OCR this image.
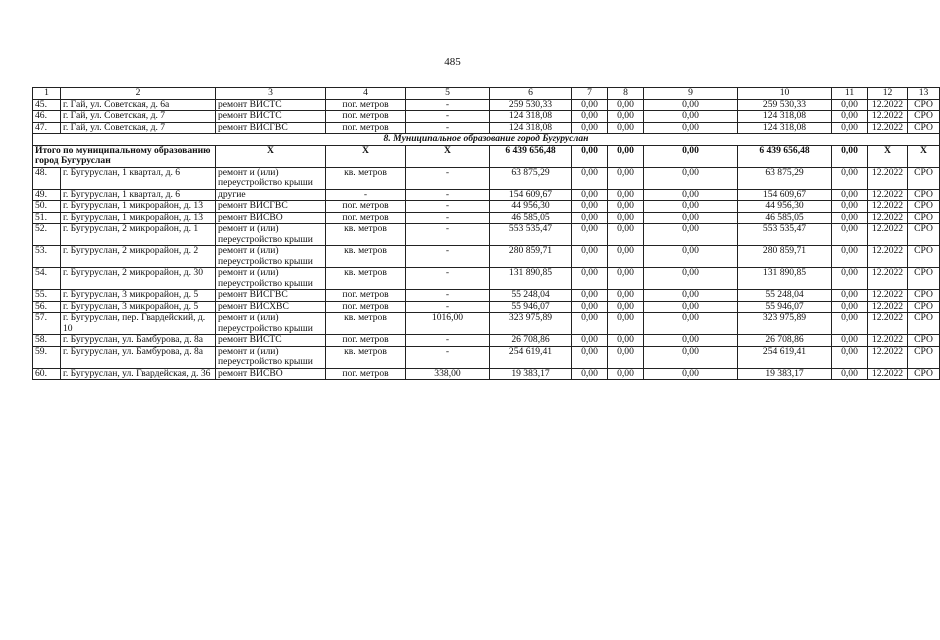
485
1	2	3	4	5	6	7	8	9	10	11	12	13
45.	г. Гай, ул. Советская, д. 6а	ремонт ВИСТС	пог. метров	-	259 530,33	0,00	0,00	0,00	259 530,33	0,00	12.2022	СРО
46.	г. Гай, ул. Советская, д. 7	ремонт ВИСТС	пог. метров	-	124 318,08	0,00	0,00	0,00	124 318,08	0,00	12.2022	СРО
47.	г. Гай, ул. Советская, д. 7	ремонт ВИСГВС	пог. метров	-	124 318,08	0,00	0,00	0,00	124 318,08	0,00	12.2022	СРО
8. Муниципальное образование город Бугуруслан												
Итого по муниципальному образованию город Бугуруслан		Х	Х	Х	6 439 656,48	0,00	0,00	0,00	6 439 656,48	0,00	Х	Х
48.	г. Бугуруслан, 1 квартал, д. 6	ремонт и (или) переустройство крыши	кв. метров	-	63 875,29	0,00	0,00	0,00	63 875,29	0,00	12.2022	СРО
49.	г. Бугуруслан, 1 квартал, д. 6	другие	-	-	154 609,67	0,00	0,00	0,00	154 609,67	0,00	12.2022	СРО
50.	г. Бугуруслан, 1 микрорайон, д. 13	ремонт ВИСГВС	пог. метров	-	44 956,30	0,00	0,00	0,00	44 956,30	0,00	12.2022	СРО
51.	г. Бугуруслан, 1 микрорайон, д. 13	ремонт ВИСВО	пог. метров	-	46 585,05	0,00	0,00	0,00	46 585,05	0,00	12.2022	СРО
52.	г. Бугуруслан, 2 микрорайон, д. 1	ремонт и (или) переустройство крыши	кв. метров	-	553 535,47	0,00	0,00	0,00	553 535,47	0,00	12.2022	СРО
53.	г. Бугуруслан, 2 микрорайон, д. 2	ремонт и (или) переустройство крыши	кв. метров	-	280 859,71	0,00	0,00	0,00	280 859,71	0,00	12.2022	СРО
54.	г. Бугуруслан, 2 микрорайон, д. 30	ремонт и (или) переустройство крыши	кв. метров	-	131 890,85	0,00	0,00	0,00	131 890,85	0,00	12.2022	СРО
55.	г. Бугуруслан, 3 микрорайон, д. 5	ремонт ВИСГВС	пог. метров	-	55 248,04	0,00	0,00	0,00	55 248,04	0,00	12.2022	СРО
56.	г. Бугуруслан, 3 микрорайон, д. 5	ремонт ВИСХВС	пог. метров	-	55 946,07	0,00	0,00	0,00	55 946,07	0,00	12.2022	СРО
57.	г. Бугуруслан, пер. Гвардейский, д. 10	ремонт и (или) переустройство крыши	кв. метров	1016,00	323 975,89	0,00	0,00	0,00	323 975,89	0,00	12.2022	СРО
58.	г. Бугуруслан, ул. Бамбурова, д. 8а	ремонт ВИСТС	пог. метров	-	26 708,86	0,00	0,00	0,00	26 708,86	0,00	12.2022	СРО
59.	г. Бугуруслан, ул. Бамбурова, д. 8а	ремонт и (или) переустройство крыши	кв. метров	-	254 619,41	0,00	0,00	0,00	254 619,41	0,00	12.2022	СРО
60.	г. Бугуруслан, ул. Гвардейская, д. 36	ремонт ВИСВО	пог. метров	338,00	19 383,17	0,00	0,00	0,00	19 383,17	0,00	12.2022	СРО
